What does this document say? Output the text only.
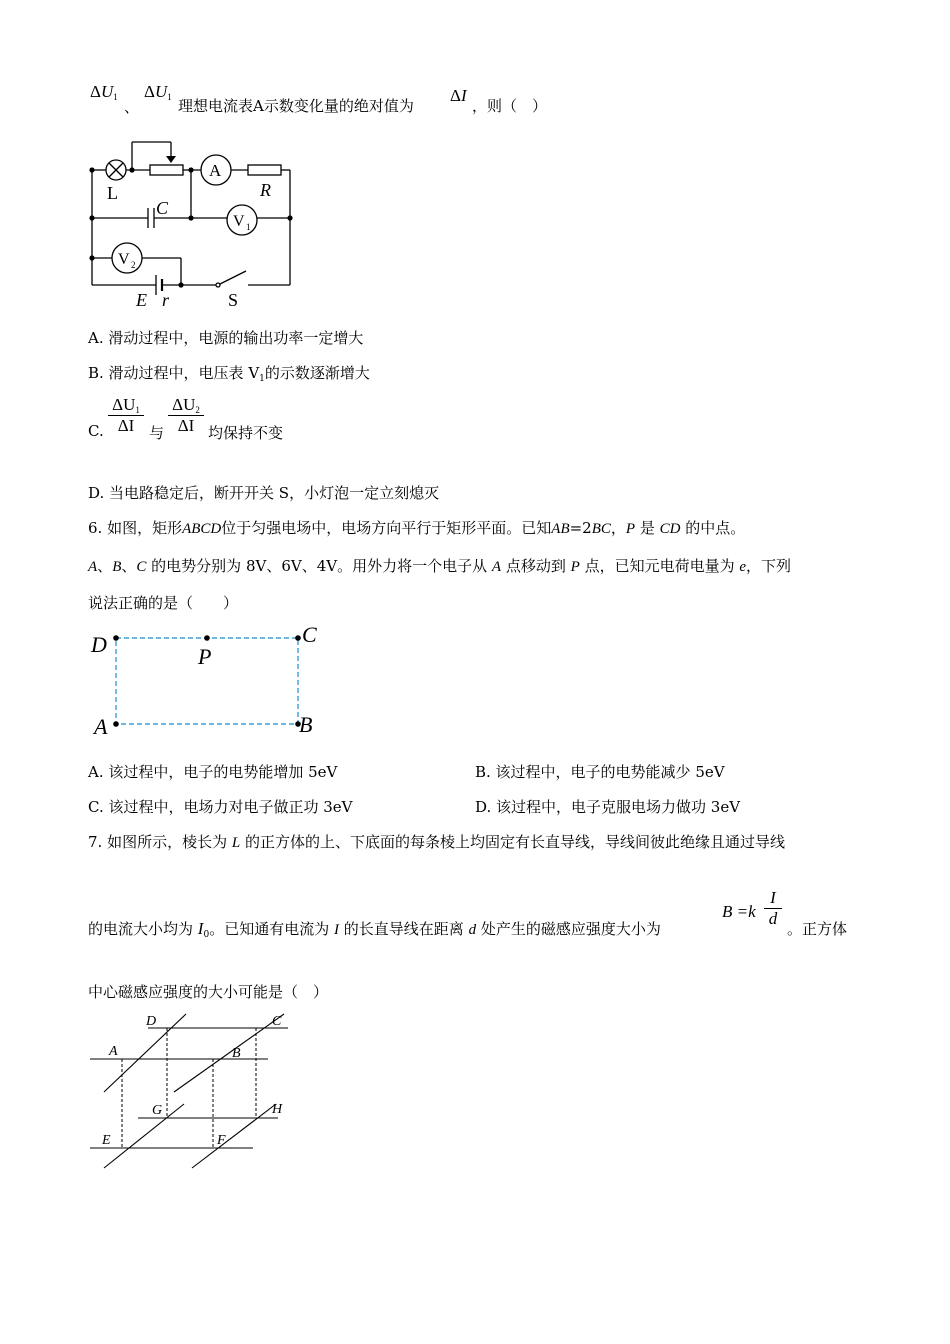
$\Delta U_1$
、
$\Delta U_1$ 理想电流表A示数变化量的绝对值为
ΔI
，则（　）
L
A
R
C
V 1
V 2
E r	S
A. 滑动过程中，电源的输出功率一定增大
B. 滑动过程中，电压表 $V_1$的示数逐渐增大
C. $\frac{\Delta U_1}{\Delta I}$ 与 $\frac{\Delta U_2}{\Delta I}$ 均保持不变
D. 当电路稳定后，断开开关 S，小灯泡一定立刻熄灭
6. 如图，矩形ABCD位于匀强电场中，电场方向平行于矩形平面。已知AB=2BC，P 是 CD 的中点。
A、B、C 的电势分别为 8V、6V、4V。用外力将一个电子从 A 点移动到 P 点，已知元电荷电量为 e，下列
说法正确的是（　　）
D	C
P
A	B
A. 该过程中，电子的电势能增加 5eV	B. 该过程中，电子的电势能减少 5eV
C. 该过程中，电场力对电子做正功 3eV	D. 该过程中，电子克服电场力做功 3eV
7. 如图所示，棱长为 L 的正方体的上、下底面的每条棱上均固定有长直导线，导线间彼此绝缘且通过导线
的电流大小均为 $I_0$。已知通有电流为 I 的长直导线在距离 d 处产生的磁感应强度大小为
$B =k \frac{I}{d}$ 。正方体
中心磁感应强度的大小可能是（　）
A	B
C
D
E	F
G	H
